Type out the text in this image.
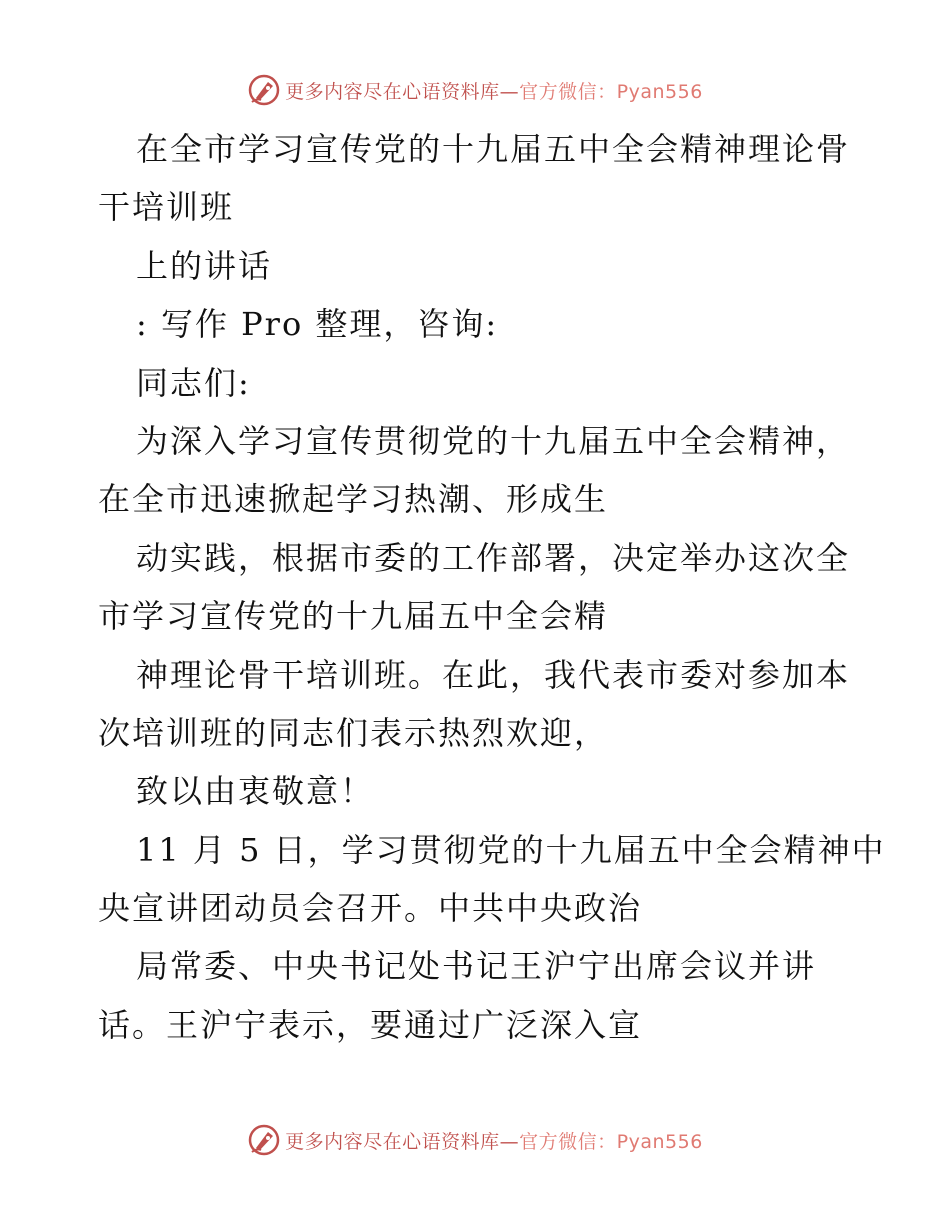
更多内容尽在心语资料库— 官方微信：Pyan556
在全市学习宣传党的十九届五中全会精神理论骨
干培训班
上的讲话
: 写作 Pro 整理，咨询:
同志们:
为深入学习宣传贯彻党的十九届五中全会精神，
在全市迅速掀起学习热潮、形成生
动实践，根据市委的工作部署，决定举办这次全
市学习宣传党的十九届五中全会精
神理论骨干培训班。在此，我代表市委对参加本
次培训班的同志们表示热烈欢迎，
致以由衷敬意！
11 月 5 日，学习贯彻党的十九届五中全会精神中
央宣讲团动员会召开。中共中央政治
局常委、中央书记处书记王沪宁出席会议并讲
话。王沪宁表示，要通过广泛深入宣
更多内容尽在心语资料库— 官方微信：Pyan556
